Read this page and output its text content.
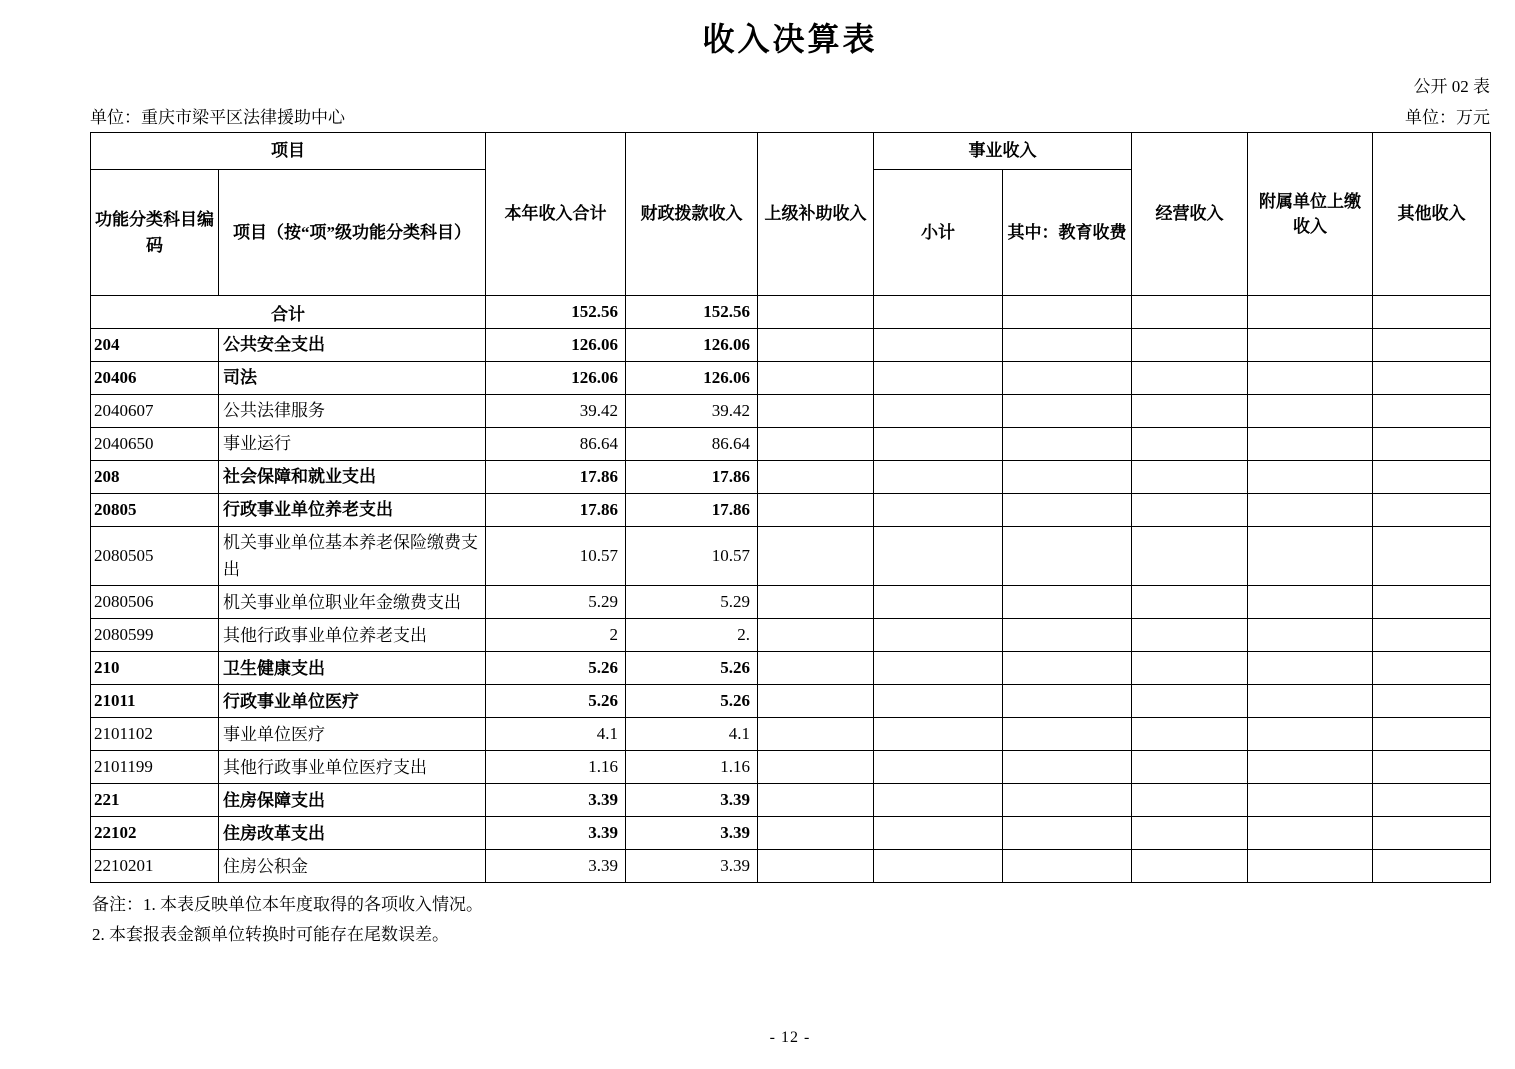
收入决算表
公开 02 表
单位：重庆市梁平区法律援助中心	单位：万元
项目		本年收入合计	财政拨款收入	上级补助收入	事业收入		经营收入	附属单位上缴收入	其他收入
功能分类科目编码	项目（按“项”级功能分类科目）				小计	其中：教育收费			
合计		152.56	152.56						
204	公共安全支出	126.06	126.06						
20406	司法	126.06	126.06						
2040607	公共法律服务	39.42	39.42						
2040650	事业运行	86.64	86.64						
208	社会保障和就业支出	17.86	17.86						
20805	行政事业单位养老支出	17.86	17.86						
2080505	机关事业单位基本养老保险缴费支出	10.57	10.57						
2080506	机关事业单位职业年金缴费支出	5.29	5.29						
2080599	其他行政事业单位养老支出	2	2.						
210	卫生健康支出	5.26	5.26						
21011	行政事业单位医疗	5.26	5.26						
2101102	事业单位医疗	4.1	4.1						
2101199	其他行政事业单位医疗支出	1.16	1.16						
221	住房保障支出	3.39	3.39						
22102	住房改革支出	3.39	3.39						
2210201	住房公积金	3.39	3.39						
备注：1. 本表反映单位本年度取得的各项收入情况。
2. 本套报表金额单位转换时可能存在尾数误差。
- 12 -
